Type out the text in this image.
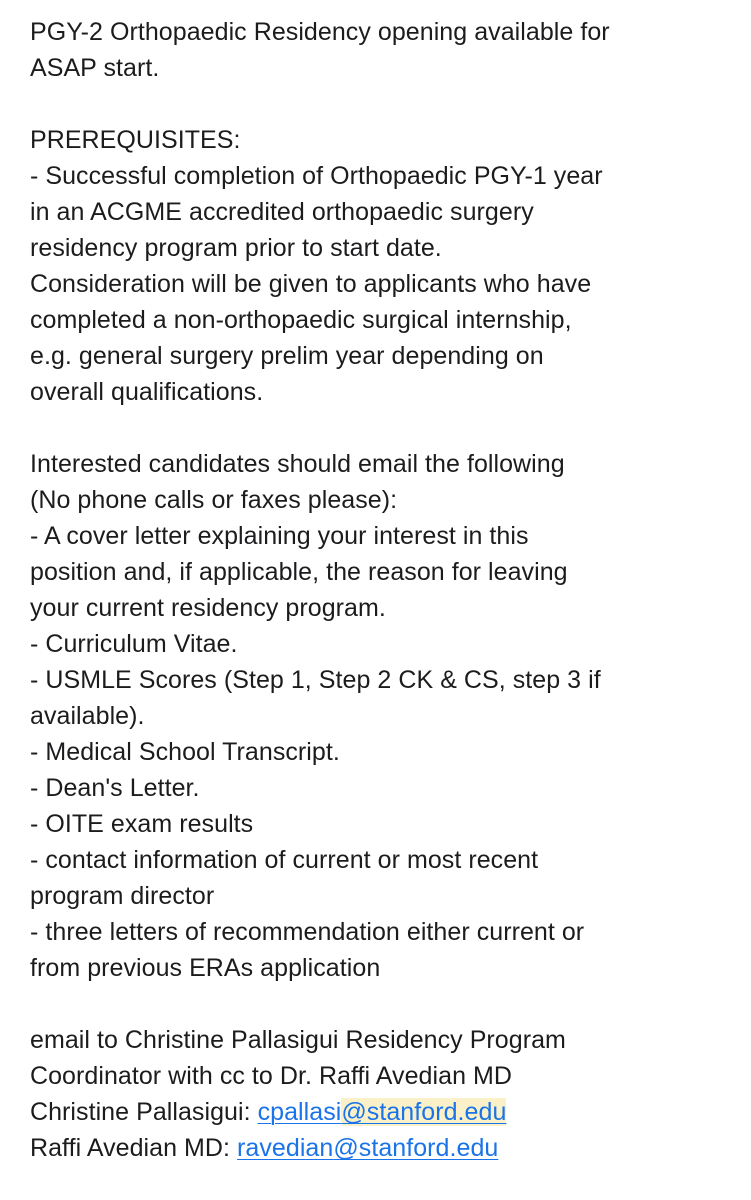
PGY-2 Orthopaedic Residency opening available for
ASAP start.
PREREQUISITES:
- Successful completion of Orthopaedic PGY-1 year
in an ACGME accredited orthopaedic surgery
residency program prior to start date.
Consideration will be given to applicants who have
completed a non-orthopaedic surgical internship,
e.g. general surgery prelim year depending on
overall qualifications.
Interested candidates should email the following
(No phone calls or faxes please):
- A cover letter explaining your interest in this
position and, if applicable, the reason for leaving
your current residency program.
- Curriculum Vitae.
- USMLE Scores (Step 1, Step 2 CK & CS, step 3 if
available).
- Medical School Transcript.
- Dean's Letter.
- OITE exam results
- contact information of current or most recent
program director
- three letters of recommendation either current or
from previous ERAs application
email to Christine Pallasigui Residency Program
Coordinator with cc to Dr. Raffi Avedian MD
Christine Pallasigui: cpallasi@stanford.edu
Raffi Avedian MD: ravedian@stanford.edu
